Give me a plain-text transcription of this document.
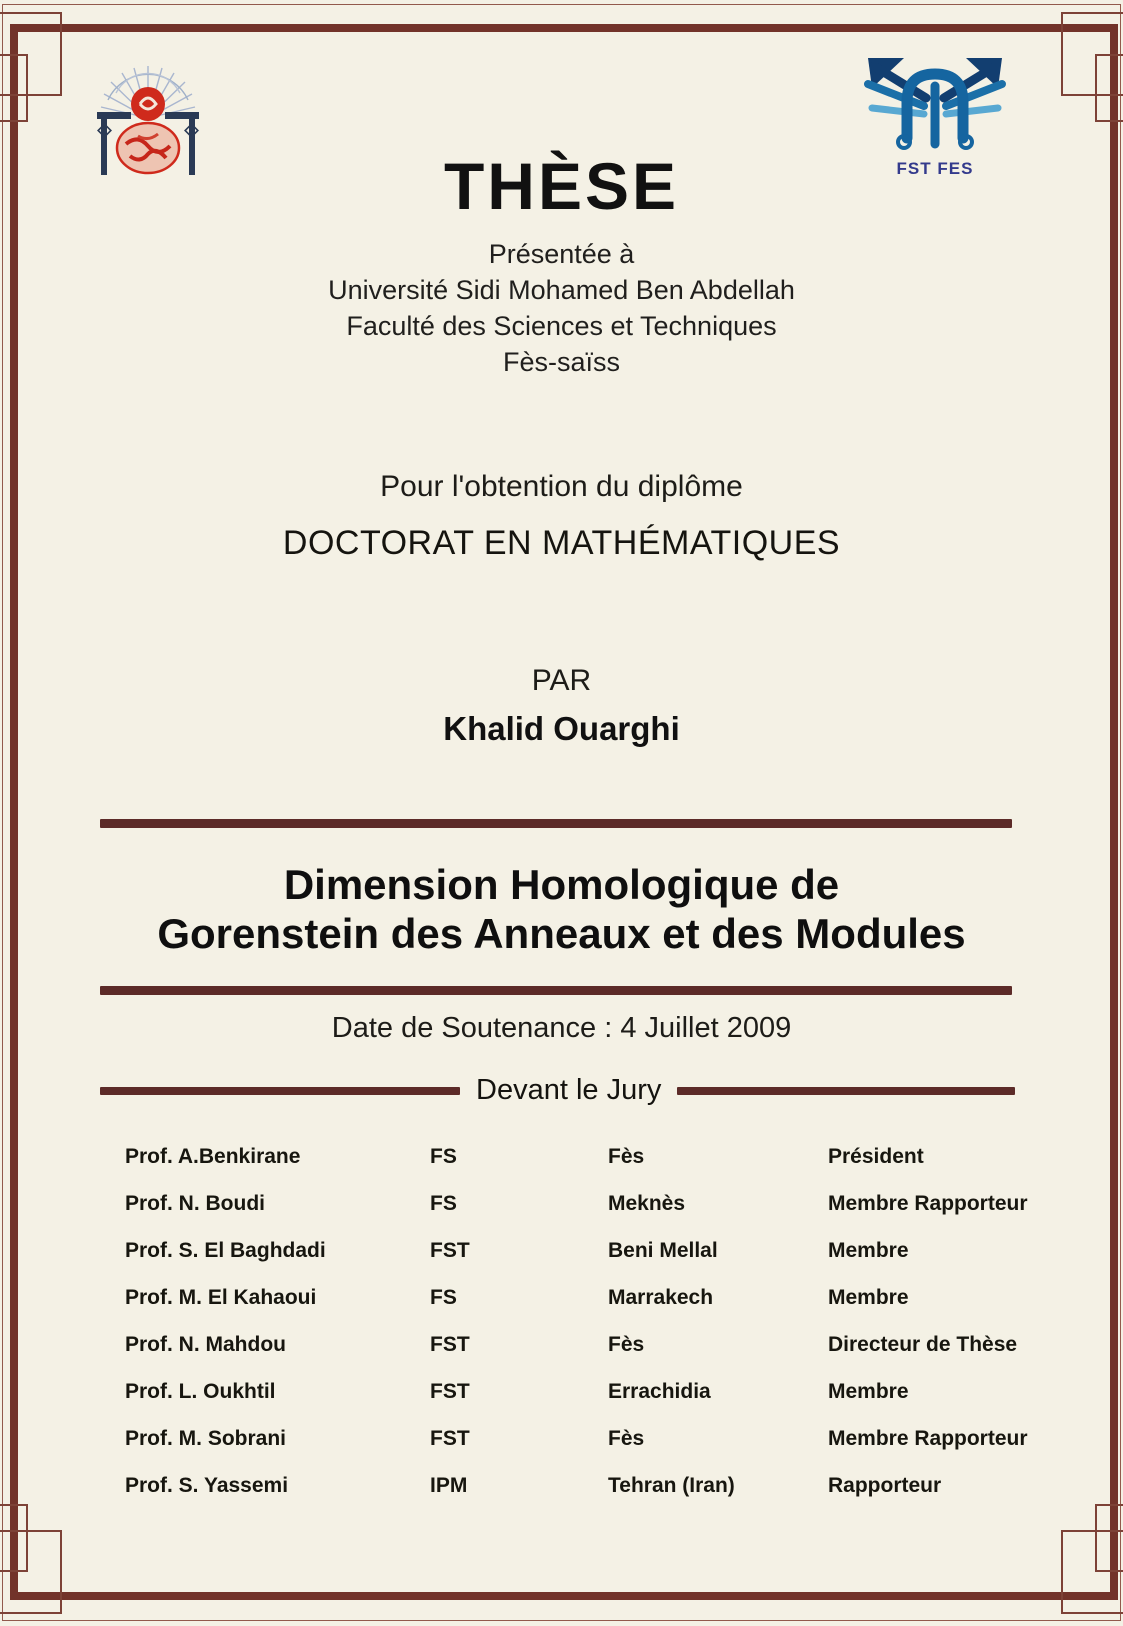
FST FES
THÈSE
Présentée à
Université Sidi Mohamed Ben Abdellah
Faculté des Sciences et Techniques
Fès-saïss
Pour l'obtention du diplôme
DOCTORAT EN MATHÉMATIQUES
PAR
Khalid Ouarghi
Dimension Homologique de
Gorenstein des Anneaux et des Modules
Date de Soutenance : 4 Juillet 2009
Devant le Jury
Prof. A.Benkirane	FS	Fès	Président
Prof. N. Boudi	FS	Meknès	Membre Rapporteur
Prof. S. El Baghdadi	FST	Beni Mellal	Membre
Prof. M. El Kahaoui	FS	Marrakech	Membre
Prof. N. Mahdou	FST	Fès	Directeur de Thèse
Prof. L. Oukhtil	FST	Errachidia	Membre
Prof. M. Sobrani	FST	Fès	Membre Rapporteur
Prof. S. Yassemi	IPM	Tehran (Iran)	Rapporteur
